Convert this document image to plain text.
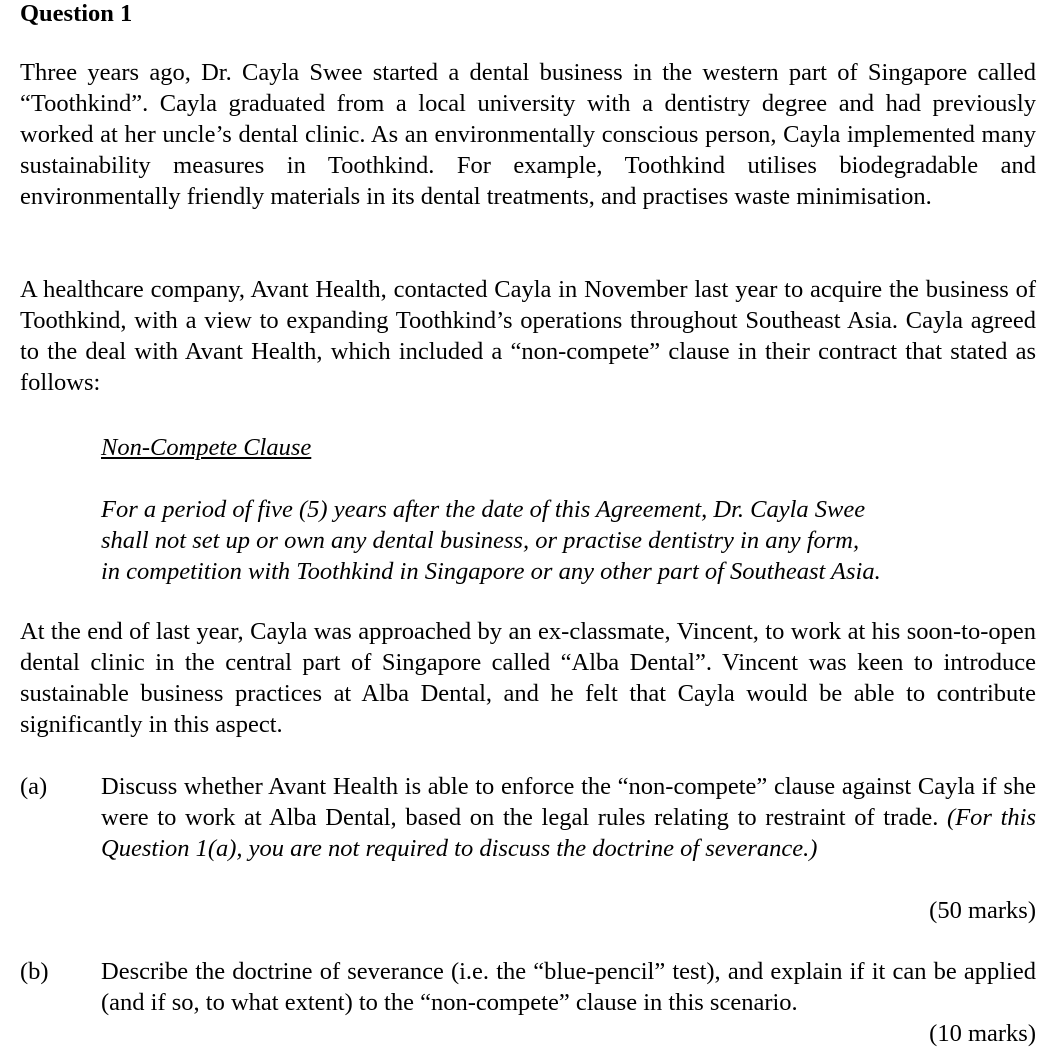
Question 1

Three years ago, Dr. Cayla Swee started a dental business in the western part of Singapore called “Toothkind”. Cayla graduated from a local university with a dentistry degree and had previously worked at her uncle’s dental clinic. As an environmentally conscious person, Cayla implemented many sustainability measures in Toothkind. For example, Toothkind utilises biodegradable and environmentally friendly materials in its dental treatments, and practises waste minimisation.

A healthcare company, Avant Health, contacted Cayla in November last year to acquire the business of Toothkind, with a view to expanding Toothkind’s operations throughout Southeast Asia. Cayla agreed to the deal with Avant Health, which included a “non-compete” clause in their contract that stated as follows:

Non-Compete Clause
For a period of five (5) years after the date of this Agreement, Dr. Cayla Swee
shall not set up or own any dental business, or practise dentistry in any form,
in competition with Toothkind in Singapore or any other part of Southeast Asia.

At the end of last year, Cayla was approached by an ex-classmate, Vincent, to work at his soon-to-open dental clinic in the central part of Singapore called “Alba Dental”. Vincent was keen to introduce sustainable business practices at Alba Dental, and he felt that Cayla would be able to contribute significantly in this aspect.

(a) Discuss whether Avant Health is able to enforce the “non-compete” clause against Cayla if she were to work at Alba Dental, based on the legal rules relating to restraint of trade. (For this Question 1(a), you are not required to discuss the doctrine of severance.)

(50 marks)
(b) Describe the doctrine of severance (i.e. the “blue-pencil” test), and explain if it can be applied (and if so, to what extent) to the “non-compete” clause in this scenario.

(10 marks)
